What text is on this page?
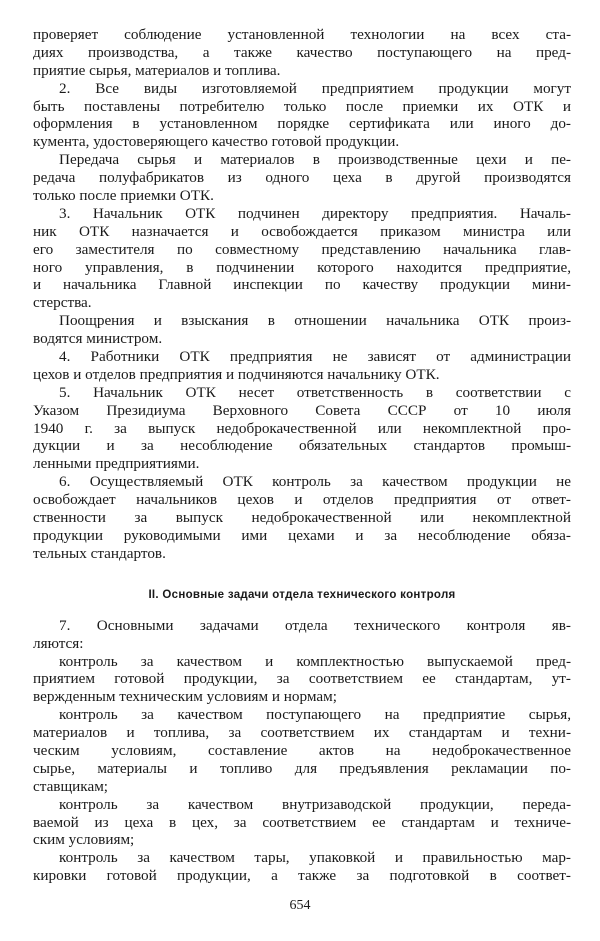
проверяет соблюдение установленной технологии на всех ста-
диях производства, а также качество поступающего на пред-
приятие сырья, материалов и топлива.
2. Все виды изготовляемой предприятием продукции могут
быть поставлены потребителю только после приемки их ОТК и
оформления в установленном порядке сертификата или иного до-
кумента, удостоверяющего качество готовой продукции.
Передача сырья и материалов в производственные цехи и пе-
редача полуфабрикатов из одного цеха в другой производятся
только после приемки ОТК.
3. Начальник ОТК подчинен директору предприятия. Началь-
ник ОТК назначается и освобождается приказом министра или
его заместителя по совместному представлению начальника глав-
ного управления, в подчинении которого находится предприятие,
и начальника Главной инспекции по качеству продукции мини-
стерства.
Поощрения и взыскания в отношении начальника ОТК произ-
водятся министром.
4. Работники ОТК предприятия не зависят от администрации
цехов и отделов предприятия и подчиняются начальнику ОТК.
5. Начальник ОТК несет ответственность в соответствии с
Указом Президиума Верховного Совета СССР от 10 июля
1940 г. за выпуск недоброкачественной или некомплектной про-
дукции и за несоблюдение обязательных стандартов промыш-
ленными предприятиями.
6. Осуществляемый ОТК контроль за качеством продукции не
освобождает начальников цехов и отделов предприятия от ответ-
ственности за выпуск недоброкачественной или некомплектной
продукции руководимыми ими цехами и за несоблюдение обяза-
тельных стандартов.
II. Основные задачи отдела технического контроля
7. Основными задачами отдела технического контроля яв-
ляются:
контроль за качеством и комплектностью выпускаемой пред-
приятием готовой продукции, за соответствием ее стандартам, ут-
вержденным техническим условиям и нормам;
контроль за качеством поступающего на предприятие сырья,
материалов и топлива, за соответствием их стандартам и техни-
ческим условиям, составление актов на недоброкачественное
сырье, материалы и топливо для предъявления рекламации по-
ставщикам;
контроль за качеством внутризаводской продукции, переда-
ваемой из цеха в цех, за соответствием ее стандартам и техниче-
ским условиям;
контроль за качеством тары, упаковкой и правильностью мар-
кировки готовой продукции, а также за подготовкой в соответ-
654
